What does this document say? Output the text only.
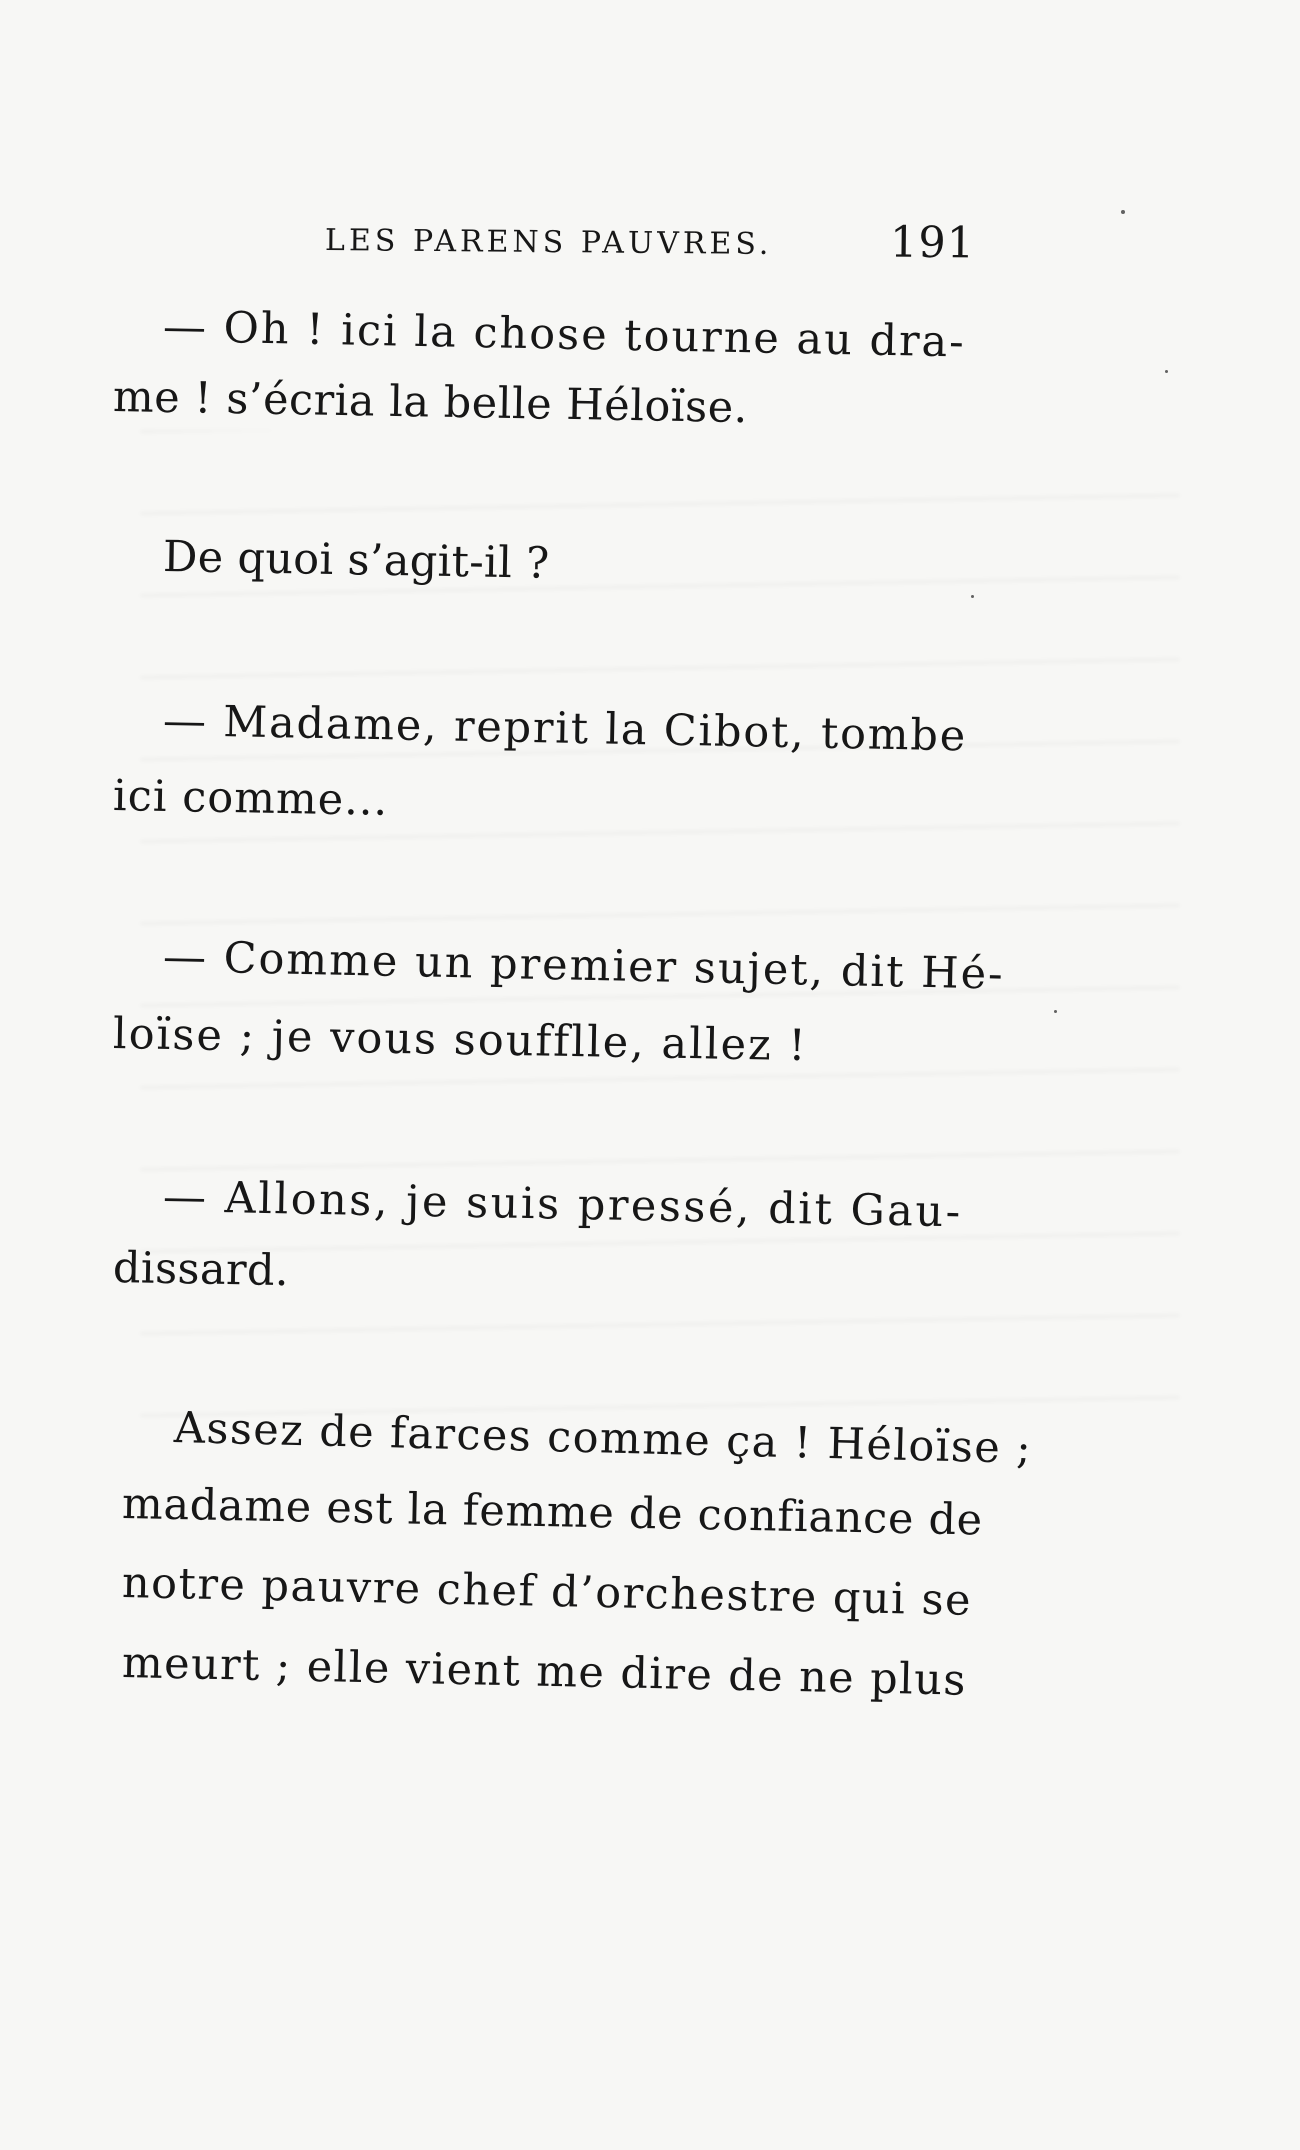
LES PARENS PAUVRES.	191
— Oh ! ici la chose tourne au dra-
me ! s’écria la belle Héloïse.
De quoi s’agit-il ?
— Madame, reprit la Cibot, tombe
ici comme...
— Comme un premier sujet, dit Hé-
loïse ; je vous soufflle, allez !
— Allons, je suis pressé, dit Gau-
dissard.
Assez de farces comme ça ! Héloïse ;
madame est la femme de confiance de
notre pauvre chef d’orchestre qui se
meurt ; elle vient me dire de ne plus
